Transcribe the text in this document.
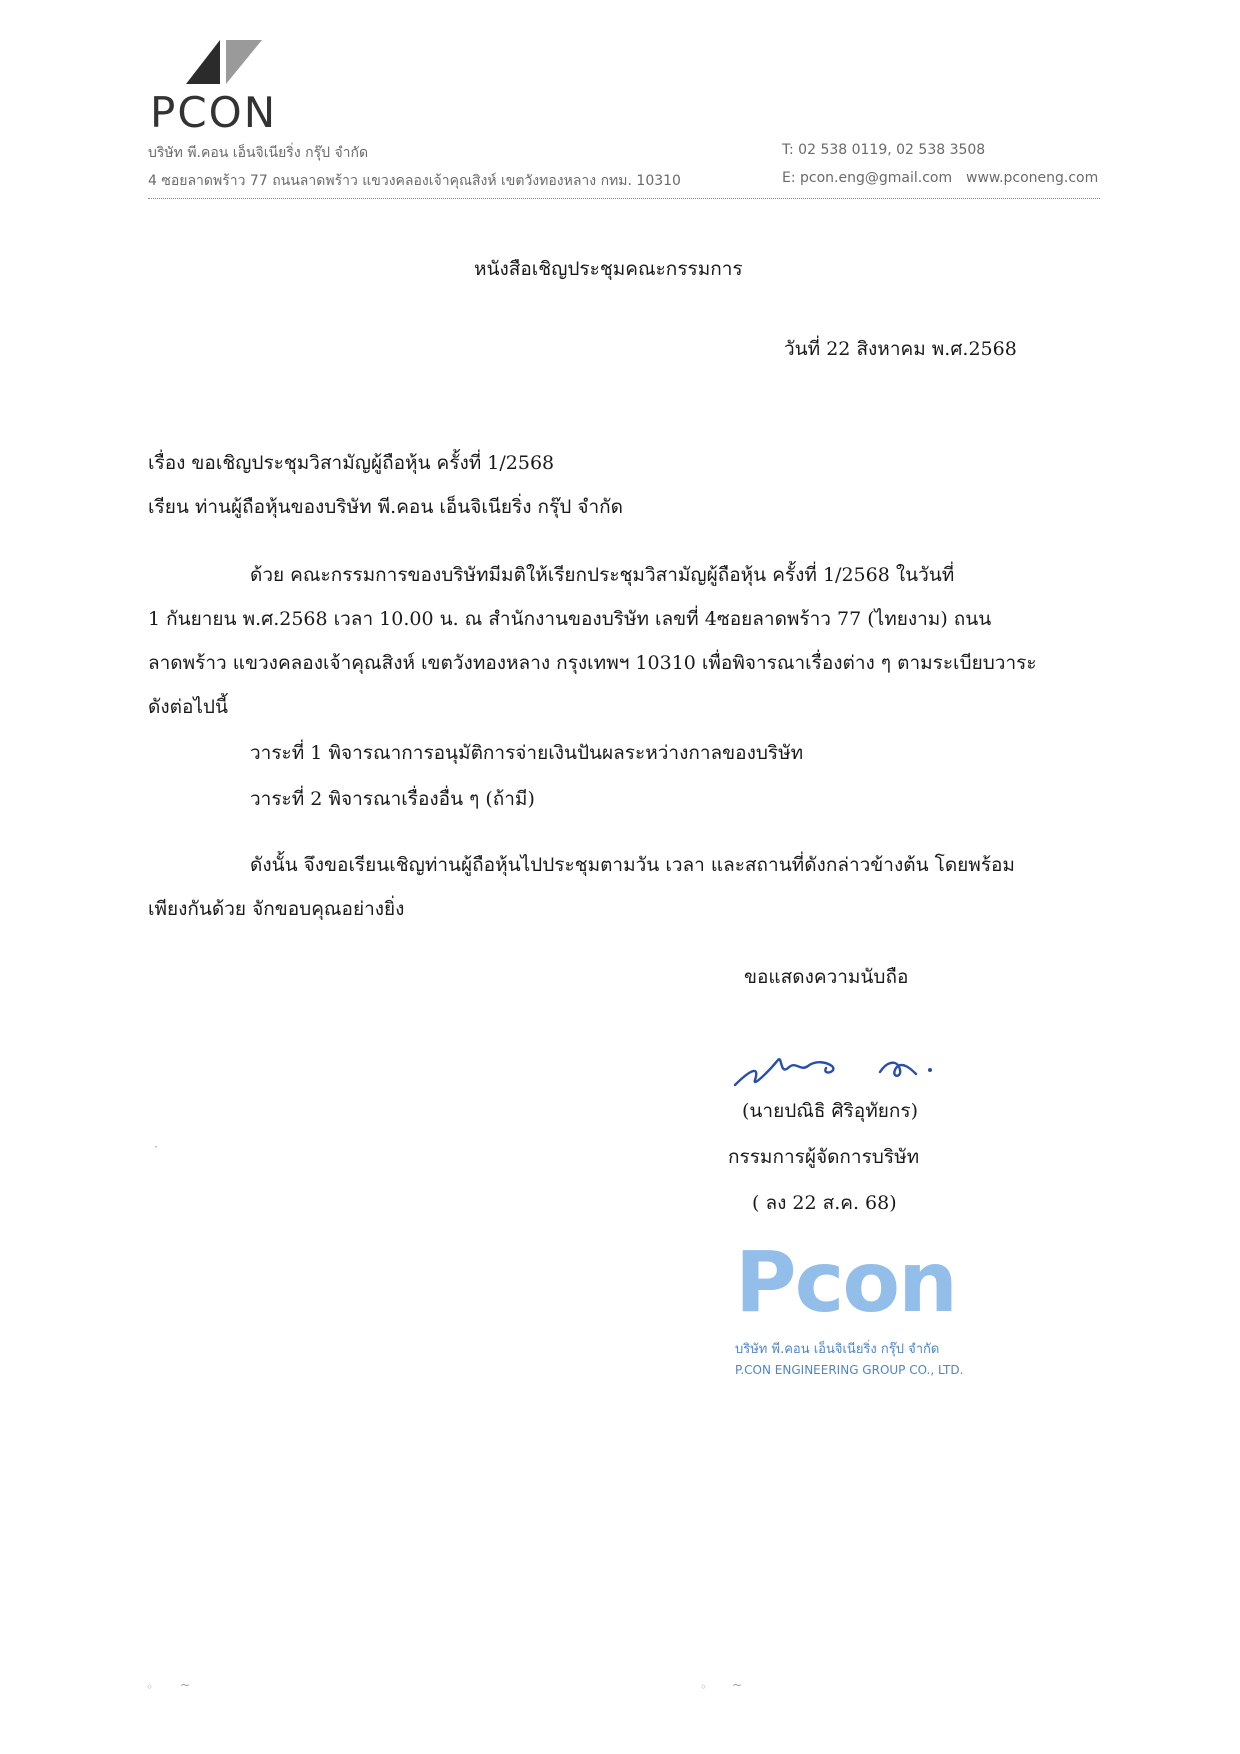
PCON
บริษัท พี.คอน เอ็นจิเนียริ่ง กรุ๊ป จำกัด
4 ซอยลาดพร้าว 77 ถนนลาดพร้าว แขวงคลองเจ้าคุณสิงห์ เขตวังทองหลาง กทม. 10310
T: 02 538 0119, 02 538 3508
E: pcon.eng@gmail.com www.pconeng.com
หนังสือเชิญประชุมคณะกรรมการ
วันที่ 22 สิงหาคม พ.ศ.2568
เรื่อง ขอเชิญประชุมวิสามัญผู้ถือหุ้น ครั้งที่ 1/2568
เรียน ท่านผู้ถือหุ้นของบริษัท พี.คอน เอ็นจิเนียริ่ง กรุ๊ป จำกัด
ด้วย คณะกรรมการของบริษัทมีมติให้เรียกประชุมวิสามัญผู้ถือหุ้น ครั้งที่ 1/2568 ในวันที่
1 กันยายน พ.ศ.2568 เวลา 10.00 น. ณ สำนักงานของบริษัท เลขที่ 4ซอยลาดพร้าว 77 (ไทยงาม) ถนน
ลาดพร้าว แขวงคลองเจ้าคุณสิงห์ เขตวังทองหลาง กรุงเทพฯ 10310 เพื่อพิจารณาเรื่องต่าง ๆ ตามระเบียบวาระ
ดังต่อไปนี้
วาระที่ 1 พิจารณาการอนุมัติการจ่ายเงินปันผลระหว่างกาลของบริษัท
วาระที่ 2 พิจารณาเรื่องอื่น ๆ (ถ้ามี)
ดังนั้น จึงขอเรียนเชิญท่านผู้ถือหุ้นไปประชุมตามวัน เวลา และสถานที่ดังกล่าวข้างต้น โดยพร้อม
เพียงกันด้วย จักขอบคุณอย่างยิ่ง
ขอแสดงความนับถือ
(นายปณิธิ ศิริอุทัยกร)
กรรมการผู้จัดการบริษัท
( ลง 22 ส.ค. 68)
Pcon
บริษัท พี.คอน เอ็นจิเนียริ่ง กรุ๊ป จำกัด
P.CON ENGINEERING GROUP CO., LTD.
·
◦ ~	◦ ~
